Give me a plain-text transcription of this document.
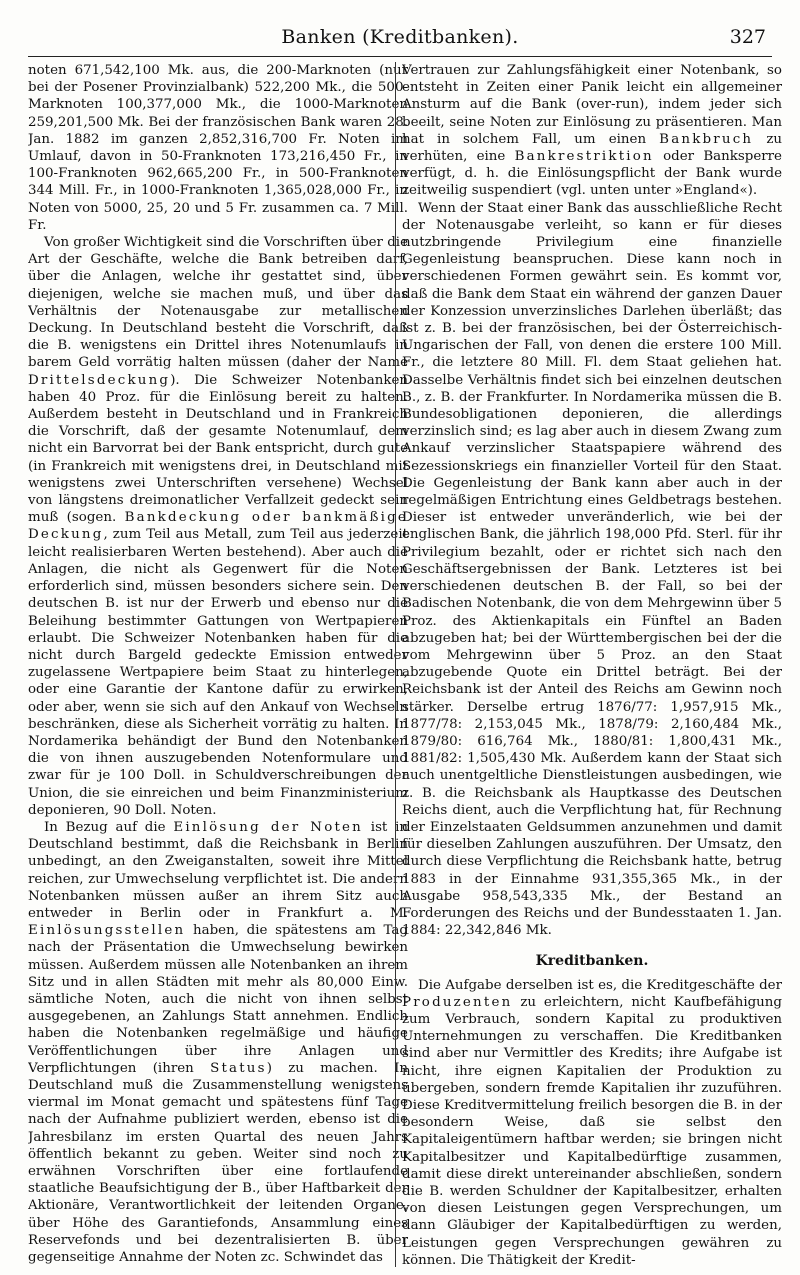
Banken (Kreditbanken).	327

noten 671,542,100 Mk. aus, die 200-Marknoten (nur bei der Posener Provinzialbank) 522,200 Mk., die 500-Marknoten 100,377,000 Mk., die 1000-Marknoten 259,201,500 Mk. Bei der französischen Bank waren 28. Jan. 1882 im ganzen 2,852,316,700 Fr. Noten im Umlauf, davon in 50-Franknoten 173,216,450 Fr., in 100-Franknoten 962,665,200 Fr., in 500-Franknoten 344 Mill. Fr., in 1000-Franknoten 1,365,028,000 Fr., in Noten von 5000, 25, 20 und 5 Fr. zusammen ca. 7 Mill. Fr.

Von großer Wichtigkeit sind die Vorschriften über die Art der Geschäfte, welche die Bank betreiben darf, über die Anlagen, welche ihr gestattet sind, über diejenigen, welche sie machen muß, und über das Verhältnis der Notenausgabe zur metallischen Deckung. In Deutschland besteht die Vorschrift, daß die B. wenigstens ein Drittel ihres Notenumlaufs in barem Geld vorrätig halten müssen (daher der Name Drittelsdeckung). Die Schweizer Notenbanken haben 40 Proz. für die Einlösung bereit zu halten. Außerdem besteht in Deutschland und in Frankreich die Vorschrift, daß der gesamte Notenumlauf, dem nicht ein Barvorrat bei der Bank entspricht, durch gute (in Frankreich mit wenigstens drei, in Deutschland mit wenigstens zwei Unterschriften versehene) Wechsel von längstens dreimonatlicher Verfallzeit gedeckt sein muß (sogen. Bankdeckung oder bankmäßige Deckung, zum Teil aus Metall, zum Teil aus jederzeit leicht realisierbaren Werten bestehend). Aber auch die Anlagen, die nicht als Gegenwert für die Noten erforderlich sind, müssen besonders sichere sein. Den deutschen B. ist nur der Erwerb und ebenso nur die Beleihung bestimmter Gattungen von Wertpapieren erlaubt. Die Schweizer Notenbanken haben für die nicht durch Bargeld gedeckte Emission entweder zugelassene Wertpapiere beim Staat zu hinterlegen, oder eine Garantie der Kantone dafür zu erwirken, oder aber, wenn sie sich auf den Ankauf von Wechseln beschränken, diese als Sicherheit vorrätig zu halten. In Nordamerika behändigt der Bund den Notenbanken die von ihnen auszugebenden Notenformulare und zwar für je 100 Doll. in Schuldverschreibungen der Union, die sie einreichen und beim Finanzministerium deponieren, 90 Doll. Noten.

In Bezug auf die Einlösung der Noten ist in Deutschland bestimmt, daß die Reichsbank in Berlin unbedingt, an den Zweiganstalten, soweit ihre Mittel reichen, zur Umwechselung verpflichtet ist. Die andern Notenbanken müssen außer an ihrem Sitz auch entweder in Berlin oder in Frankfurt a. M. Einlösungsstellen haben, die spätestens am Tag nach der Präsentation die Umwechselung bewirken müssen. Außerdem müssen alle Notenbanken an ihrem Sitz und in allen Städten mit mehr als 80,000 Einw. sämtliche Noten, auch die nicht von ihnen selbst ausgegebenen, an Zahlungs Statt annehmen. Endlich haben die Notenbanken regelmäßige und häufige Veröffentlichungen über ihre Anlagen und Verpflichtungen (ihren Status) zu machen. In Deutschland muß die Zusammenstellung wenigstens viermal im Monat gemacht und spätestens fünf Tage nach der Aufnahme publiziert werden, ebenso ist die Jahresbilanz im ersten Quartal des neuen Jahrs öffentlich bekannt zu geben. Weiter sind noch zu erwähnen Vorschriften über eine fortlaufende staatliche Beaufsichtigung der B., über Haftbarkeit der Aktionäre, Verantwortlichkeit der leitenden Organe, über Höhe des Garantiefonds, Ansammlung eines Reservefonds und bei dezentralisierten B. über gegenseitige Annahme der Noten zc. Schwindet das

Vertrauen zur Zahlungsfähigkeit einer Notenbank, so entsteht in Zeiten einer Panik leicht ein allgemeiner Ansturm auf die Bank (over-run), indem jeder sich beeilt, seine Noten zur Einlösung zu präsentieren. Man hat in solchem Fall, um einen Bankbruch zu verhüten, eine Bankrestriktion oder Banksperre verfügt, d. h. die Einlösungspflicht der Bank wurde zeitweilig suspendiert (vgl. unten unter »England«).

Wenn der Staat einer Bank das ausschließliche Recht der Notenausgabe verleiht, so kann er für dieses nutzbringende Privilegium eine finanzielle Gegenleistung beanspruchen. Diese kann noch in verschiedenen Formen gewährt sein. Es kommt vor, daß die Bank dem Staat ein während der ganzen Dauer der Konzession unverzinsliches Darlehen überläßt; das ist z. B. bei der französischen, bei der Österreichisch-Ungarischen der Fall, von denen die erstere 100 Mill. Fr., die letztere 80 Mill. Fl. dem Staat geliehen hat. Dasselbe Verhältnis findet sich bei einzelnen deutschen B., z. B. der Frankfurter. In Nordamerika müssen die B. Bundesobligationen deponieren, die allerdings verzinslich sind; es lag aber auch in diesem Zwang zum Ankauf verzinslicher Staatspapiere während des Sezessionskriegs ein finanzieller Vorteil für den Staat. Die Gegenleistung der Bank kann aber auch in der regelmäßigen Entrichtung eines Geldbetrags bestehen. Dieser ist entweder unveränderlich, wie bei der englischen Bank, die jährlich 198,000 Pfd. Sterl. für ihr Privilegium bezahlt, oder er richtet sich nach den Geschäftsergebnissen der Bank. Letzteres ist bei verschiedenen deutschen B. der Fall, so bei der Badischen Notenbank, die von dem Mehrgewinn über 5 Proz. des Aktienkapitals ein Fünftel an Baden abzugeben hat; bei der Württembergischen bei der die vom Mehrgewinn über 5 Proz. an den Staat abzugebende Quote ein Drittel beträgt. Bei der Reichsbank ist der Anteil des Reichs am Gewinn noch stärker. Derselbe ertrug 1876/77: 1,957,915 Mk., 1877/78: 2,153,045 Mk., 1878/79: 2,160,484 Mk., 1879/80: 616,764 Mk., 1880/81: 1,800,431 Mk., 1881/82: 1,505,430 Mk. Außerdem kann der Staat sich auch unentgeltliche Dienstleistungen ausbedingen, wie z. B. die Reichsbank als Hauptkasse des Deutschen Reichs dient, auch die Verpflichtung hat, für Rechnung der Einzelstaaten Geldsummen anzunehmen und damit für dieselben Zahlungen auszuführen. Der Umsatz, den durch diese Verpflichtung die Reichsbank hatte, betrug 1883 in der Einnahme 931,355,365 Mk., in der Ausgabe 958,543,335 Mk., der Bestand an Forderungen des Reichs und der Bundesstaaten 1. Jan. 1884: 22,342,846 Mk.

Kreditbanken.

Die Aufgabe derselben ist es, die Kreditgeschäfte der Produzenten zu erleichtern, nicht Kaufbefähigung zum Verbrauch, sondern Kapital zu produktiven Unternehmungen zu verschaffen. Die Kreditbanken sind aber nur Vermittler des Kredits; ihre Aufgabe ist nicht, ihre eignen Kapitalien der Produktion zu übergeben, sondern fremde Kapitalien ihr zuzuführen. Diese Kreditvermittelung freilich besorgen die B. in der besondern Weise, daß sie selbst den Kapitaleigentümern haftbar werden; sie bringen nicht Kapitalbesitzer und Kapitalbedürftige zusammen, damit diese direkt untereinander abschließen, sondern die B. werden Schuldner der Kapitalbesitzer, erhalten von diesen Leistungen gegen Versprechungen, um dann Gläubiger der Kapitalbedürftigen zu werden, Leistungen gegen Versprechungen gewähren zu können. Die Thätigkeit der Kredit-
